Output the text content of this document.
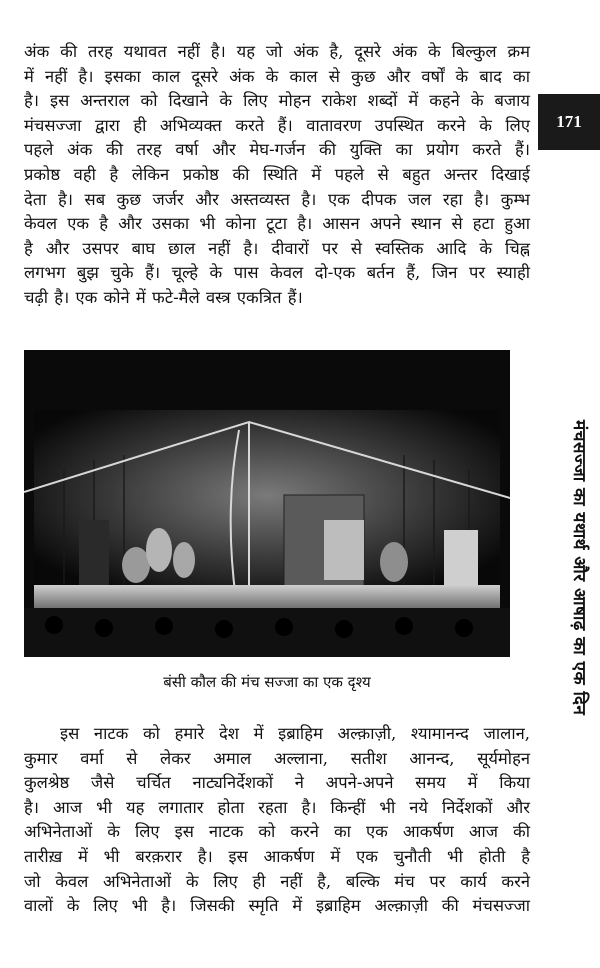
171
मंचसज्जा का यथार्थ और आषाढ़ का एक दिन
अंक की तरह यथावत नहीं है। यह जो अंक है, दूसरे अंक के बिल्कुल क्रम
में नहीं है। इसका काल दूसरे अंक के काल से कुछ और वर्षों के बाद का
है। इस अन्तराल को दिखाने के लिए मोहन राकेश शब्दों में कहने के बजाय
मंचसज्जा द्वारा ही अभिव्यक्त करते हैं। वातावरण उपस्थित करने के लिए
पहले अंक की तरह वर्षा और मेघ-गर्जन की युक्ति का प्रयोग करते हैं।
प्रकोष्ठ वही है लेकिन प्रकोष्ठ की स्थिति में पहले से बहुत अन्तर दिखाई
देता है। सब कुछ जर्जर और अस्तव्यस्त है। एक दीपक जल रहा है। कुम्भ
केवल एक है और उसका भी कोना टूटा है। आसन अपने स्थान से हटा हुआ
है और उसपर बाघ छाल नहीं है। दीवारों पर से स्वस्तिक आदि के चिह्न
लगभग बुझ चुके हैं। चूल्हे के पास केवल दो-एक बर्तन हैं, जिन पर स्याही
चढ़ी है। एक कोने में फटे-मैले वस्त्र एकत्रित हैं।
बंसी कौल की मंच सज्जा का एक दृश्य
इस नाटक को हमारे देश में इब्राहिम अल्क़ाज़ी, श्यामानन्द जालान,
कुमार वर्मा से लेकर अमाल अल्लाना, सतीश आनन्द, सूर्यमोहन
कुलश्रेष्ठ जैसे चर्चित नाट्यनिर्देशकों ने अपने-अपने समय में किया
है। आज भी यह लगातार होता रहता है। किन्हीं भी नये निर्देशकों और
अभिनेताओं के लिए इस नाटक को करने का एक आकर्षण आज की
तारीख़ में भी बरक़रार है। इस आकर्षण में एक चुनौती भी होती है
जो केवल अभिनेताओं के लिए ही नहीं है, बल्कि मंच पर कार्य करने
वालों के लिए भी है। जिसकी स्मृति में इब्राहिम अल्क़ाज़ी की मंचसज्जा
